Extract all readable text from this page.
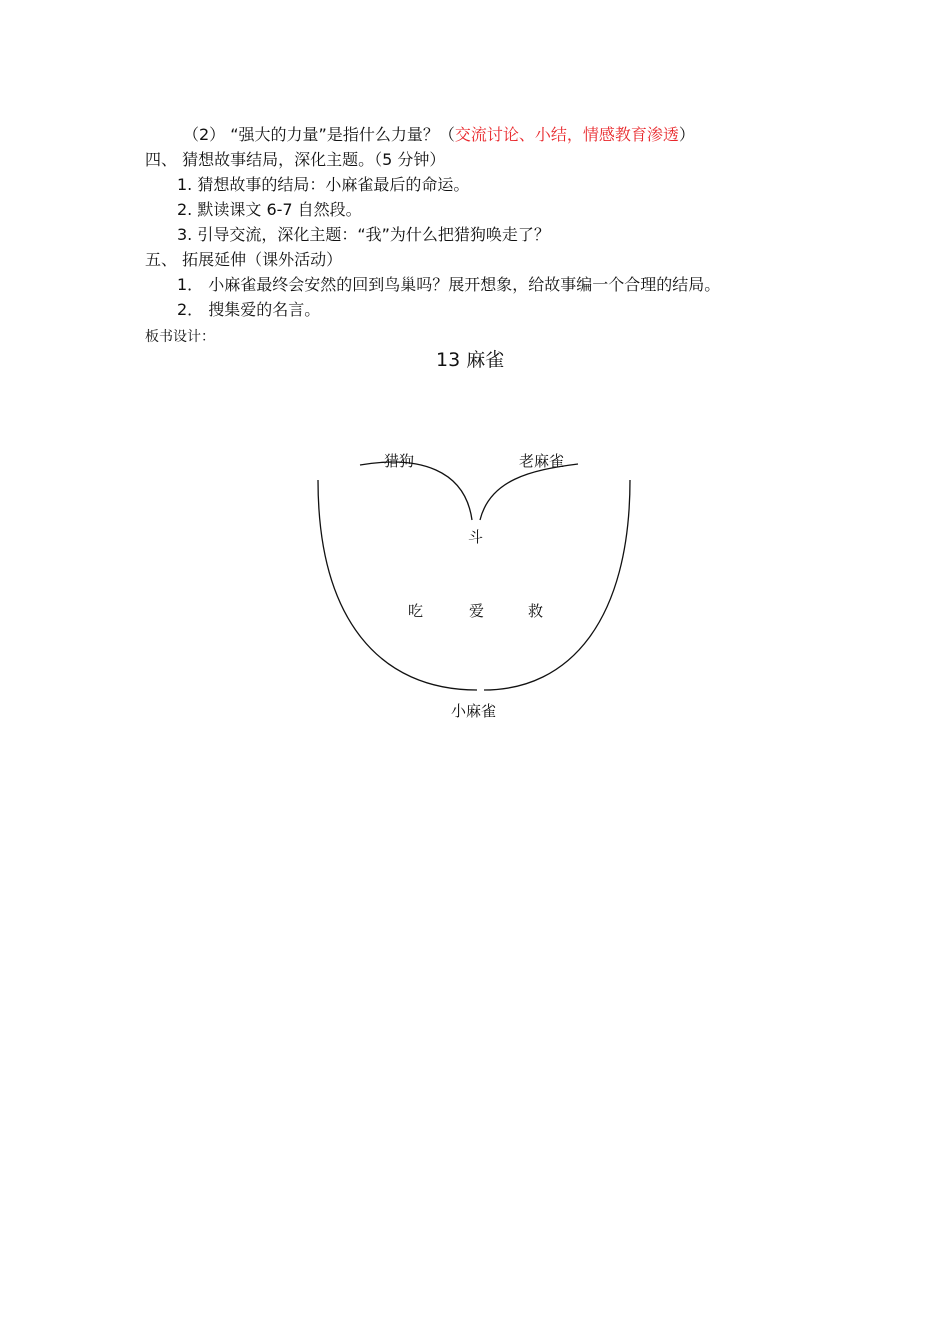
（2） “强大的力量”是指什么力量？（交流讨论、小结，情感教育渗透）
四、 猜想故事结局，深化主题。（5 分钟）
1. 猜想故事的结局：小麻雀最后的命运。
2. 默读课文 6-7 自然段。
3. 引导交流，深化主题：“我”为什么把猎狗唤走了？
五、 拓展延伸（课外活动）
1． 小麻雀最终会安然的回到鸟巢吗？展开想象，给故事编一个合理的结局。
2． 搜集爱的名言。
板书设计：
13 麻雀
猎狗	老麻雀
斗
吃	爱	救
小麻雀
